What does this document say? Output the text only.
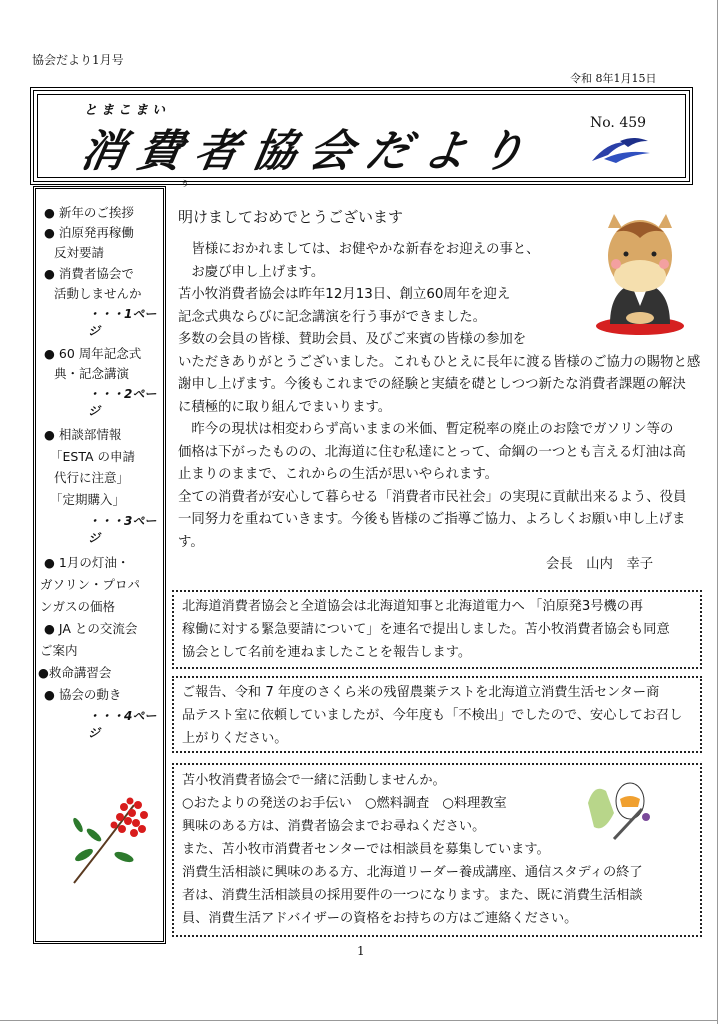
協会だより1月号
令和 8年1月15日
とまこまい
消費者協会だより
No. 459
ぅ
● 新年のご挨拶
● 泊原発再稼働
反対要請
● 消費者協会で
活動しませんか
・・・1ページ
● 60 周年記念式
典・記念講演
・・・2ページ
● 相談部情報
「ESTA の申請
代行に注意」
「定期購入」
・・・3ページ
● 1月の灯油・
ガソリン・プロパ
ンガスの価格
● JA との交流会
ご案内
●救命講習会
● 協会の動き
・・・4ページ
明けましておめでとうございます
　皆様におかれましては、お健やかな新春をお迎えの事と、
　お慶び申し上げます。
苫小牧消費者協会は昨年12月13日、創立60周年を迎え
記念式典ならびに記念講演を行う事ができました。
多数の会員の皆様、賛助会員、及びご来賓の皆様の参加を
いただきありがとうございました。これもひとえに長年に渡る皆様のご協力の賜物と感
謝申し上げます。今後もこれまでの経験と実績を礎としつつ新たな消費者課題の解決
に積極的に取り組んでまいります。
　昨今の現状は相変わらず高いままの米価、暫定税率の廃止のお陰でガソリン等の
価格は下がったものの、北海道に住む私達にとって、命綱の一つとも言える灯油は高
止まりのままで、これからの生活が思いやられます。
全ての消費者が安心して暮らせる「消費者市民社会」の実現に貢献出来るよう、役員
一同努力を重ねていきます。今後も皆様のご指導ご協力、よろしくお願い申し上げま
す。
会長　山内　幸子
北海道消費者協会と全道協会は北海道知事と北海道電力へ 「泊原発3号機の再
稼働に対する緊急要請について」を連名で提出しました。苫小牧消費者協会も同意
協会として名前を連ねましたことを報告します。
ご報告、令和 7 年度のさくら米の残留農薬テストを北海道立消費生活センター商
品テスト室に依頼していましたが、今年度も「不検出」でしたので、安心してお召し
上がりください。
苫小牧消費者協会で一緒に活動しませんか。
○おたよりの発送のお手伝い　○燃料調査　○料理教室
興味のある方は、消費者協会までお尋ねください。
また、苫小牧市消費者センターでは相談員を募集しています。
消費生活相談に興味のある方、北海道リーダー養成講座、通信スタディの終了
者は、消費生活相談員の採用要件の一つになります。また、既に消費生活相談
員、消費生活アドバイザーの資格をお持ちの方はご連絡ください。
1
